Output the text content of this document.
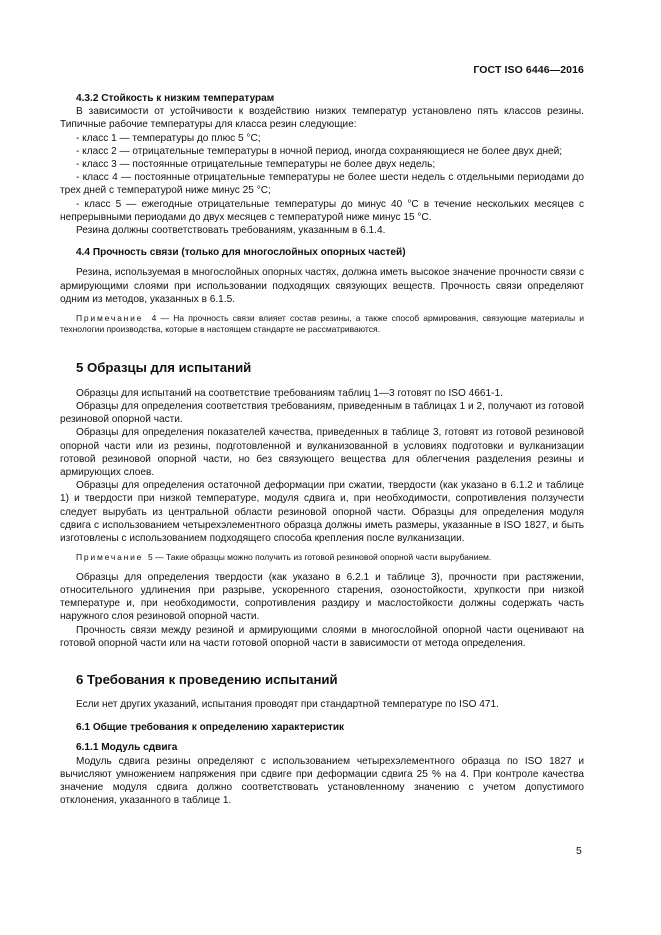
ГОСТ ISO 6446—2016

4.3.2 Стойкость к низким температурам

В зависимости от устойчивости к воздействию низких температур установлено пять классов резины. Типичные рабочие температуры для класса резин следующие:

- класс 1 — температуры до плюс 5 °С;

- класс 2 — отрицательные температуры в ночной период, иногда сохраняющиеся не более двух дней;

- класс 3 — постоянные отрицательные температуры не более двух недель;

- класс 4 — постоянные отрицательные температуры не более шести недель с отдельными периодами до трех дней с температурой ниже минус 25 °С;

- класс 5 — ежегодные отрицательные температуры до минус 40 °С в течение нескольких месяцев с непрерывными периодами до двух месяцев с температурой ниже минус 15 °С.

Резина должны соответствовать требованиям, указанным в 6.1.4.

4.4 Прочность связи (только для многослойных опорных частей)

Резина, используемая в многослойных опорных частях, должна иметь высокое значение прочности связи с армирующими слоями при использовании подходящих связующих веществ. Прочность связи определяют одним из методов, указанных в 6.1.5.

Примечание 4 — На прочность связи влияет состав резины, а также способ армирования, связующие материалы и технологии производства, которые в настоящем стандарте не рассматриваются.

5 Образцы для испытаний

Образцы для испытаний на соответствие требованиям таблиц 1—3 готовят по ISO 4661-1.

Образцы для определения соответствия требованиям, приведенным в таблицах 1 и 2, получают из готовой резиновой опорной части.

Образцы для определения показателей качества, приведенных в таблице 3, готовят из готовой резиновой опорной части или из резины, подготовленной и вулканизованной в условиях подготовки и вулканизации готовой резиновой опорной части, но без связующего вещества для облегчения разделения резины и армирующих слоев.

Образцы для определения остаточной деформации при сжатии, твердости (как указано в 6.1.2 и таблице 1) и твердости при низкой температуре, модуля сдвига и, при необходимости, сопротивления ползучести следует вырубать из центральной области резиновой опорной части. Образцы для определения модуля сдвига с использованием четырехэлементного образца должны иметь размеры, указанные в ISO 1827, и быть изготовлены с использованием подходящего способа крепления после вулканизации.

Примечание 5 — Такие образцы можно получить из готовой резиновой опорной части вырубанием.

Образцы для определения твердости (как указано в 6.2.1 и таблице 3), прочности при растяжении, относительного удлинения при разрыве, ускоренного старения, озоностойкости, хрупкости при низкой температуре и, при необходимости, сопротивления раздиру и маслостойкости должны содержать часть наружного слоя резиновой опорной части.

Прочность связи между резиной и армирующими слоями в многослойной опорной части оценивают на готовой опорной части или на части готовой опорной части в зависимости от метода определения.

6 Требования к проведению испытаний

Если нет других указаний, испытания проводят при стандартной температуре по ISO 471.

6.1 Общие требования к определению характеристик

6.1.1 Модуль сдвига

Модуль сдвига резины определяют с использованием четырехэлементного образца по ISO 1827 и вычисляют умножением напряжения при сдвиге при деформации сдвига 25 % на 4. При контроле качества значение модуля сдвига должно соответствовать установленному значению с учетом допустимого отклонения, указанного в таблице 1.

5
